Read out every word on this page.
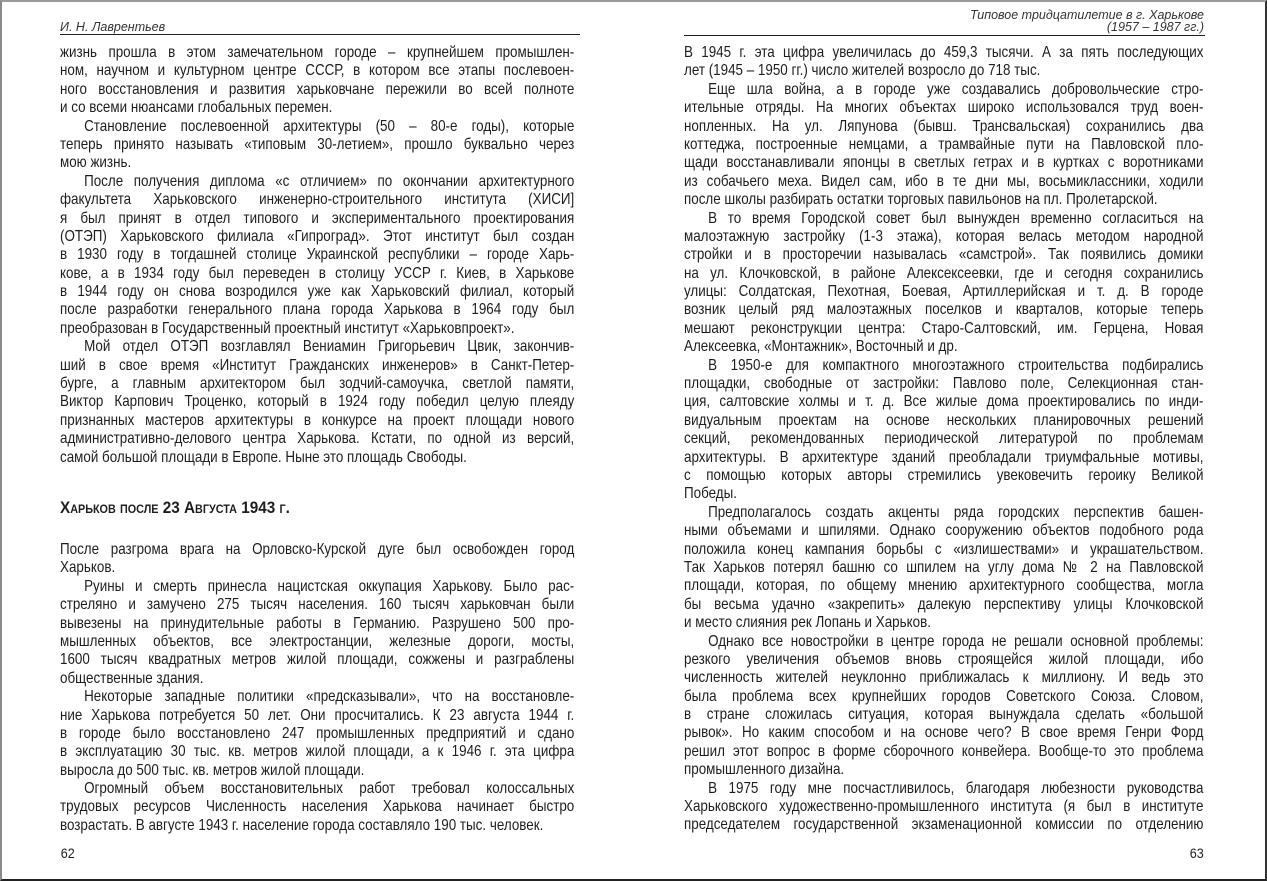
И. Н. Лаврентьев
жизнь прошла в этом замечательном городе – крупнейшем промышлен-
ном, научном и культурном центре СССР, в котором все этапы послевоен-
ного восстановления и развития харьковчане пережили во всей полноте
и со всеми нюансами глобальных перемен.
Становление послевоенной архитектуры (50 – 80-е годы), которые
теперь принято называть «типовым 30-летием», прошло буквально через
мою жизнь.
После получения диплома «с отличием» по окончании архитектурного
факультета Харьковского инженерно-строительного института (ХИСИ]
я был принят в отдел типового и экспериментального проектирования
(ОТЭП) Харьковского филиала «Гипроград». Этот институт был создан
в 1930 году в тогдашней столице Украинской республики – городе Харь-
кове, а в 1934 году был переведен в столицу УССР г. Киев, в Харькове
в 1944 году он снова возродился уже как Харьковский филиал, который
после разработки генерального плана города Харькова в 1964 году был
преобразован в Государственный проектный институт «Харьковпроект».
Мой отдел ОТЭП возглавлял Вениамин Григорьевич Цвик, закончив-
ший в свое время «Институт Гражданских инженеров» в Санкт-Петер-
бурге, а главным архитектором был зодчий-самоучка, светлой памяти,
Виктор Карпович Троценко, который в 1924 году победил целую плеяду
признанных мастеров архитектуры в конкурсе на проект площади нового
административно-делового центра Харькова. Кстати, по одной из версий,
самой большой площади в Европе. Ныне это площадь Свободы.
Харьков после 23 Августа 1943 г.
После разгрома врага на Орловско-Курской дуге был освобожден город
Харьков.
Руины и смерть принесла нацистская оккупация Харькову. Было рас-
стреляно и замучено 275 тысяч населения. 160 тысяч харьковчан были
вывезены на принудительные работы в Германию. Разрушено 500 про-
мышленных объектов, все электростанции, железные дороги, мосты,
1600 тысяч квадратных метров жилой площади, сожжены и разграблены
общественные здания.
Некоторые западные политики «предсказывали», что на восстановле-
ние Харькова потребуется 50 лет. Они просчитались. К 23 августа 1944 г.
в городе было восстановлено 247 промышленных предприятий и сдано
в эксплуатацию 30 тыс. кв. метров жилой площади, а к 1946 г. эта цифра
выросла до 500 тыс. кв. метров жилой площади.
Огромный объем восстановительных работ требовал колоссальных
трудовых ресурсов Численность населения Харькова начинает быстро
возрастать. В августе 1943 г. население города составляло 190 тыс. человек.
62
Типовое тридцатилетие в г. Харькове
(1957 – 1987 гг.)
В 1945 г. эта цифра увеличилась до 459,3 тысячи. А за пять последующих
лет (1945 – 1950 гг.) число жителей возросло до 718 тыс.
Еще шла война, а в городе уже создавались добровольческие стро-
ительные отряды. На многих объектах широко использовался труд воен-
нопленных. На ул. Ляпунова (бывш. Трансвальская) сохранились два
коттеджа, построенные немцами, а трамвайные пути на Павловской пло-
щади восстанавливали японцы в светлых гетрах и в куртках с воротниками
из собачьего меха. Видел сам, ибо в те дни мы, восьмиклассники, ходили
после школы разбирать остатки торговых павильонов на пл. Пролетарской.
В то время Городской совет был вынужден временно согласиться на
малоэтажную застройку (1-3 этажа), которая велась методом народной
стройки и в просторечии называлась «самстрой». Так появились домики
на ул. Клочковской, в районе Алексексеевки, где и сегодня сохранились
улицы: Солдатская, Пехотная, Боевая, Артиллерийская и т. д. В городе
возник целый ряд малоэтажных поселков и кварталов, которые теперь
мешают реконструкции центра: Старо-Салтовский, им. Герцена, Новая
Алексеевка, «Монтажник», Восточный и др.
В 1950-е для компактного многоэтажного строительства подбирались
площадки, свободные от застройки: Павлово поле, Селекционная стан-
ция, салтовские холмы и т. д. Все жилые дома проектировались по инди-
видуальным проектам на основе нескольких планировочных решений
секций, рекомендованных периодической литературой по проблемам
архитектуры. В архитектуре зданий преобладали триумфальные мотивы,
с помощью которых авторы стремились увековечить героику Великой
Победы.
Предполагалось создать акценты ряда городских перспектив башен-
ными объемами и шпилями. Однако сооружению объектов подобного рода
положила конец кампания борьбы с «излишествами» и украшательством.
Так Харьков потерял башню со шпилем на углу дома № 2 на Павловской
площади, которая, по общему мнению архитектурного сообщества, могла
бы весьма удачно «закрепить» далекую перспективу улицы Клочковской
и место слияния рек Лопань и Харьков.
Однако все новостройки в центре города не решали основной проблемы:
резкого увеличения объемов вновь строящейся жилой площади, ибо
численность жителей неуклонно приближалась к миллиону. И ведь это
была проблема всех крупнейших городов Советского Союза. Словом,
в стране сложилась ситуация, которая вынуждала сделать «большой
рывок». Но каким способом и на основе чего? В свое время Генри Форд
решил этот вопрос в форме сборочного конвейера. Вообще-то это проблема
промышленного дизайна.
В 1975 году мне посчастливилось, благодаря любезности руководства
Харьковского художественно-промышленного института (я был в институте
председателем государственной экзаменационной комиссии по отделению
63
